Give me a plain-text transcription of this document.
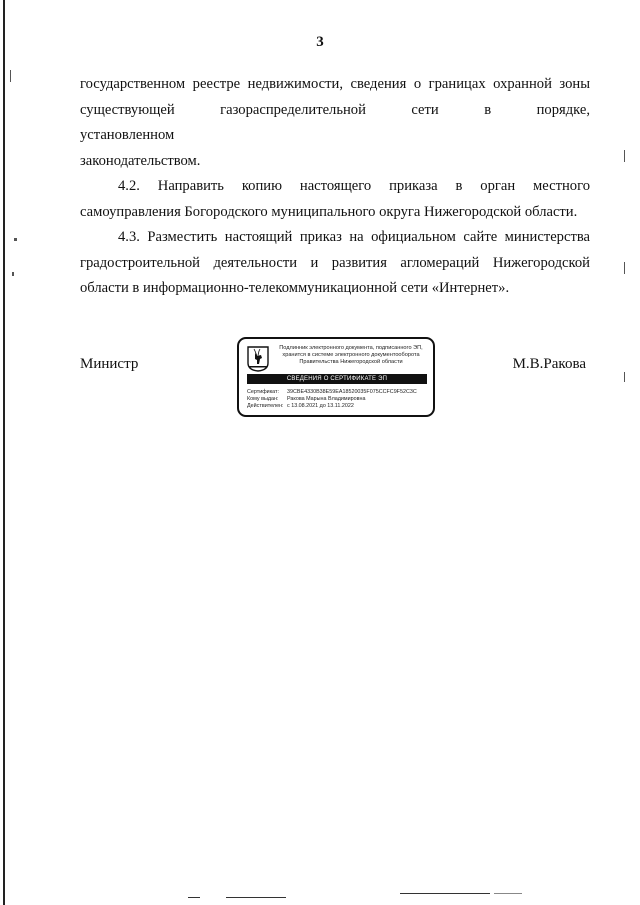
3

государственном реестре недвижимости, сведения о границах охранной зоны
существующей газораспределительной сети в порядке, установленном
законодательством.

4.2. Направить копию настоящего приказа в орган местного
самоуправления Богородского муниципального округа Нижегородской области.

4.3. Разместить настоящий приказ на официальном сайте министерства
градостроительной деятельности и развития агломераций Нижегородской
области в информационно-телекоммуникационной сети «Интернет».

Министр
Подлинник электронного документа, подписанного ЭП,
хранится в системе электронного документооборота
Правительства Нижегородской области
СВЕДЕНИЯ О СЕРТИФИКАТЕ ЭП
Сертификат: 39CBE4330B38E59EA18520035F075CCFC9F52C3C
Кому выдан: Ракова Марына Владимировна
Действителен: с 13.08.2021 до 13.11.2022
М.В.Ракова
